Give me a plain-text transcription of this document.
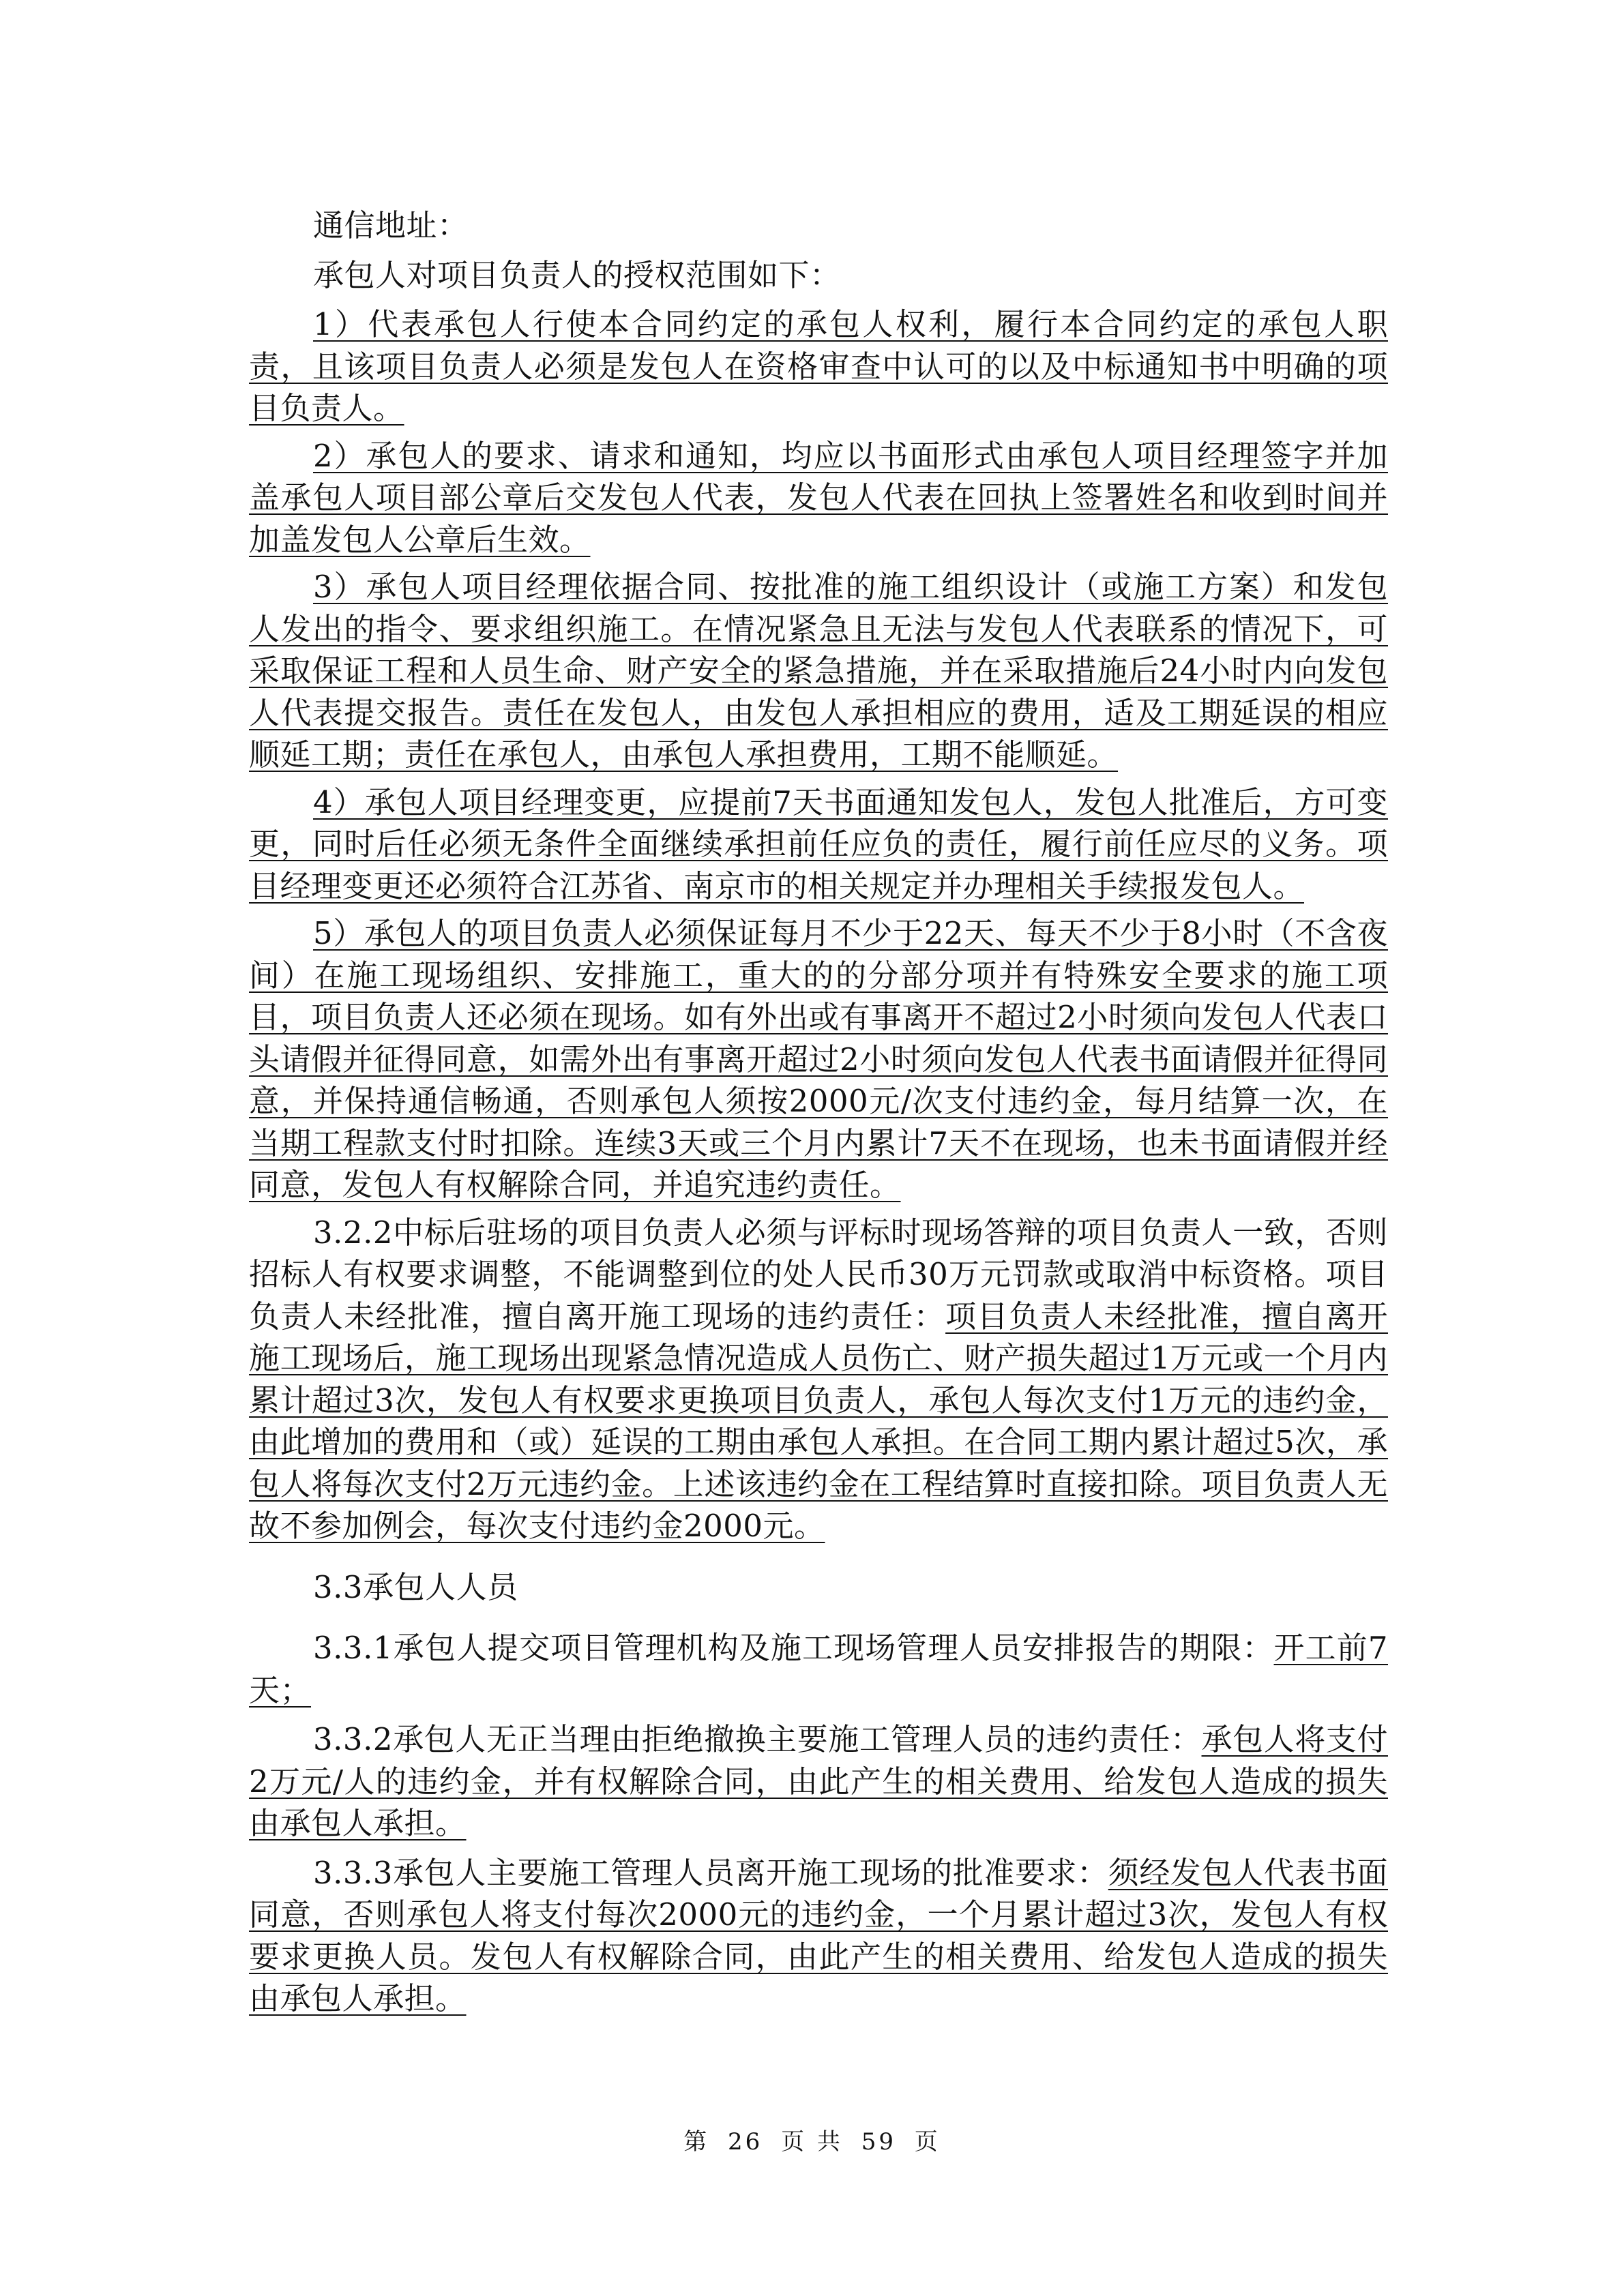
通信地址：

承包人对项目负责人的授权范围如下：

1）代表承包人行使本合同约定的承包人权利，履行本合同约定的承包人职责，且该项目负责人必须是发包人在资格审查中认可的以及中标通知书中明确的项目负责人。

2）承包人的要求、请求和通知，均应以书面形式由承包人项目经理签字并加盖承包人项目部公章后交发包人代表，发包人代表在回执上签署姓名和收到时间并加盖发包人公章后生效。

3）承包人项目经理依据合同、按批准的施工组织设计（或施工方案）和发包人发出的指令、要求组织施工。在情况紧急且无法与发包人代表联系的情况下，可采取保证工程和人员生命、财产安全的紧急措施，并在采取措施后24小时内向发包人代表提交报告。责任在发包人，由发包人承担相应的费用，适及工期延误的相应顺延工期；责任在承包人，由承包人承担费用，工期不能顺延。

4）承包人项目经理变更，应提前7天书面通知发包人，发包人批准后，方可变更，同时后任必须无条件全面继续承担前任应负的责任，履行前任应尽的义务。项目经理变更还必须符合江苏省、南京市的相关规定并办理相关手续报发包人。

5）承包人的项目负责人必须保证每月不少于22天、每天不少于8小时（不含夜间）在施工现场组织、安排施工，重大的的分部分项并有特殊安全要求的施工项目，项目负责人还必须在现场。如有外出或有事离开不超过2小时须向发包人代表口头请假并征得同意，如需外出有事离开超过2小时须向发包人代表书面请假并征得同意，并保持通信畅通，否则承包人须按2000元/次支付违约金，每月结算一次，在当期工程款支付时扣除。连续3天或三个月内累计7天不在现场，也未书面请假并经同意，发包人有权解除合同，并追究违约责任。

3.2.2中标后驻场的项目负责人必须与评标时现场答辩的项目负责人一致，否则招标人有权要求调整，不能调整到位的处人民币30万元罚款或取消中标资格。项目负责人未经批准，擅自离开施工现场的违约责任：项目负责人未经批准，擅自离开施工现场后，施工现场出现紧急情况造成人员伤亡、财产损失超过1万元或一个月内累计超过3次，发包人有权要求更换项目负责人，承包人每次支付1万元的违约金，由此增加的费用和（或）延误的工期由承包人承担。在合同工期内累计超过5次，承包人将每次支付2万元违约金。上述该违约金在工程结算时直接扣除。项目负责人无故不参加例会，每次支付违约金2000元。

3.3承包人人员

3.3.1承包人提交项目管理机构及施工现场管理人员安排报告的期限：开工前7天；

3.3.2承包人无正当理由拒绝撤换主要施工管理人员的违约责任：承包人将支付2万元/人的违约金，并有权解除合同，由此产生的相关费用、给发包人造成的损失由承包人承担。

3.3.3承包人主要施工管理人员离开施工现场的批准要求：须经发包人代表书面同意，否则承包人将支付每次2000元的违约金，一个月累计超过3次，发包人有权要求更换人员。发包人有权解除合同，由此产生的相关费用、给发包人造成的损失由承包人承担。

第 26 页 共 59 页
